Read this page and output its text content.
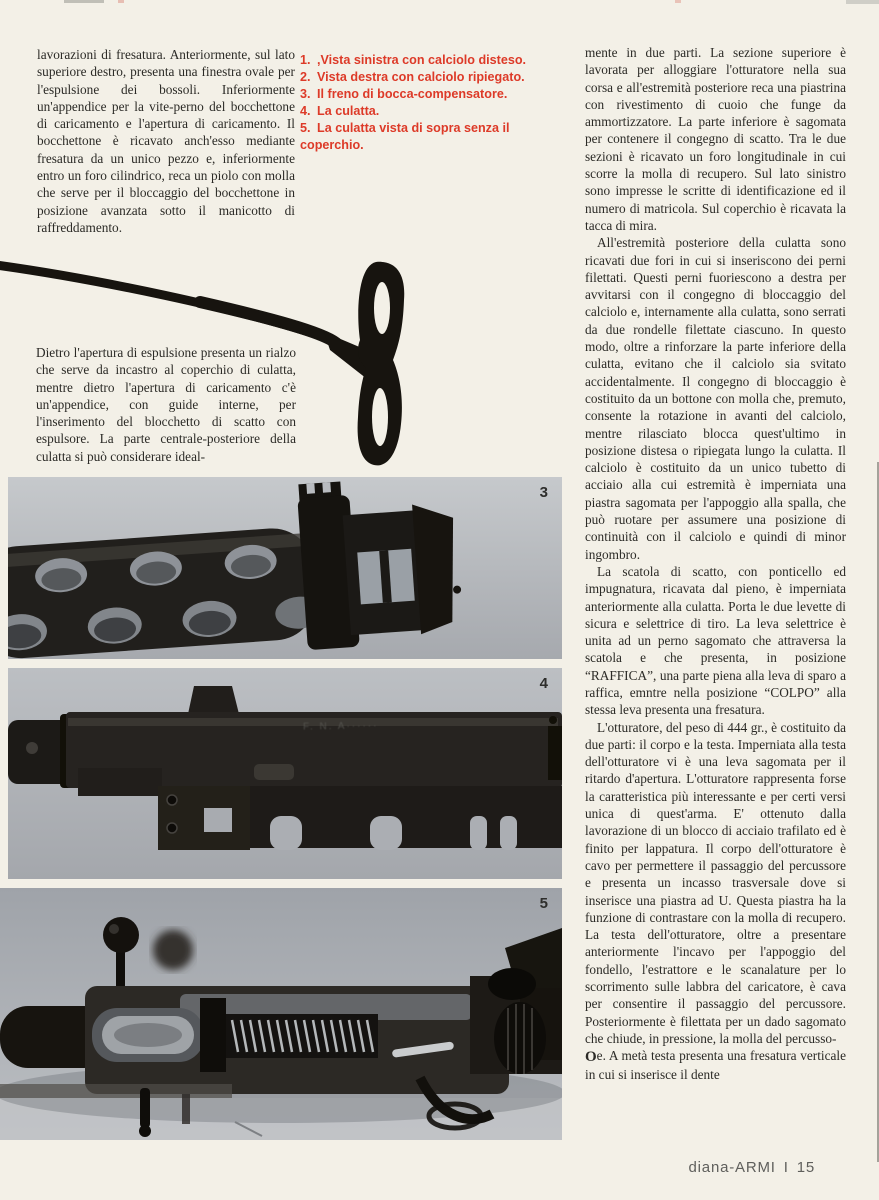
lavorazioni di fresatura. Anteriormente, sul lato superiore destro, presenta una finestra ovale per l'espulsione dei bossoli. Inferiormente un'appendice per la vite-perno del bocchettone di caricamento e l'apertura di caricamento. Il bocchettone è ricavato anch'esso mediante fresatura da un unico pezzo e, inferiormente entro un foro cilindrico, reca un piolo con molla che serve per il bloccaggio del bocchettone in posizione avanzata sotto il manicotto di raffreddamento.

1. ,Vista sinistra con calciolo disteso.

2. Vista destra con calciolo ripiegato.

3. Il freno di bocca-compensatore.

4. La culatta.

5. La culatta vista di sopra senza il coperchio.

Dietro l'apertura di espulsione presenta un rialzo che serve da incastro al coperchio di culatta, mentre dietro l'apertura di caricamento c'è un'appendice, con guide interne, per l'inserimento del blocchetto di scatto con espulsore. La parte centrale-posteriore della culatta si può considerare ideal-

3
F. N. A······
4
5

mente in due parti. La sezione superiore è lavorata per alloggiare l'otturatore nella sua corsa e all'estremità posteriore reca una piastrina con rivestimento di cuoio che funge da ammortizzatore. La parte inferiore è sagomata per contenere il congegno di scatto. Tra le due sezioni è ricavato un foro longitudinale in cui scorre la molla di recupero. Sul lato sinistro sono impresse le scritte di identificazione ed il numero di matricola. Sul coperchio è ricavata la tacca di mira.

All'estremità posteriore della culatta sono ricavati due fori in cui si inseriscono dei perni filettati. Questi perni fuoriescono a destra per avvitarsi con il congegno di bloccaggio del calciolo e, internamente alla culatta, sono serrati da due rondelle filettate ciascuno. In questo modo, oltre a rinforzare la parte inferiore della culatta, evitano che il calciolo sia svitato accidentalmente. Il congegno di bloccaggio è costituito da un bottone con molla che, premuto, consente la rotazione in avanti del calciolo, mentre rilasciato blocca quest'ultimo in posizione distesa o ripiegata lungo la culatta. Il calciolo è costituito da un unico tubetto di acciaio alla cui estremità è imperniata una piastra sagomata per l'appoggio alla spalla, che può ruotare per assumere una posizione di continuità con il calciolo e quindi di minor ingombro.

La scatola di scatto, con ponticello ed impugnatura, ricavata dal pieno, è imperniata anteriormente alla culatta. Porta le due levette di sicura e selettrice di tiro. La leva selettrice è unita ad un perno sagomato che attraversa la scatola e che presenta, in posizione “RAFFICA”, una parte piena alla leva di sparo a raffica, emntre nella posizione “COLPO” alla stessa leva presenta una fresatura.

L'otturatore, del peso di 444 gr., è costituito da due parti: il corpo e la testa. Imperniata alla testa dell'otturatore vi è una leva sagomata per il ritardo d'apertura. L'otturatore rappresenta forse la caratteristica più interessante e per certi versi unica di quest'arma. E' ottenuto dalla lavorazione di un blocco di acciaio trafilato ed è finito per lappatura. Il corpo dell'otturatore è cavo per permettere il passaggio del percussore e presenta un incasso trasversale dove si inserisce una piastra ad U. Questa piastra ha la funzione di contrastare con la molla di recupero. La testa dell'otturatore, oltre a presentare anteriormente l'incavo per l'appoggio del fondello, l'estrattore e le scanalature per lo scorrimento sulle labbra del caricatore, è cava per consentire il passaggio del percussore. Posteriormente è filettata per un dado sagomato che chiude, in pressione, la molla del percusso-

Oe. A metà testa presenta una fresatura verticale in cui si inserisce il dente

diana-ARMI I 15
